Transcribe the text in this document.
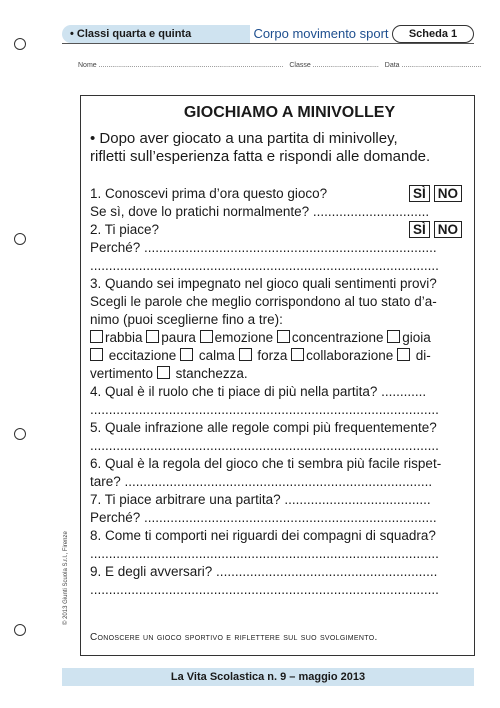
• Classi quarta e quinta	Corpo movimento sport	Scheda 1
Nome ............................................................................................... Classe .................................. Data .........................................
GIOCHIAMO A MINIVOLLEY
• Dopo aver giocato a una partita di minivolley,
rifletti sull’esperienza fatta e rispondi alle domande.
1. Conoscevi prima d’ora questo gioco?	SÌ NO
Se sì, dove lo pratichi normalmente? ...............................
2. Ti piace?	SÌ NO
Perché? ..............................................................................
.............................................................................................
3. Quando sei impegnato nel gioco quali sentimenti provi?
Scegli le parole che meglio corrispondono al tuo stato d’a-
nimo (puoi sceglierne fino a tre):
rabbia paura emozione concentrazione gioia
eccitazione calma forza collaborazione di-
vertimento stanchezza.
4. Qual è il ruolo che ti piace di più nella partita? ............
.............................................................................................
5. Quale infrazione alle regole compi più frequentemente?
.............................................................................................
6. Qual è la regola del gioco che ti sembra più facile rispet-
tare? ..................................................................................
7. Ti piace arbitrare una partita? .......................................
Perché? ..............................................................................
8. Come ti comporti nei riguardi dei compagni di squadra?
.............................................................................................
9. E degli avversari? ...........................................................
.............................................................................................
Conoscere un gioco sportivo e riflettere sul suo svolgimento.
© 2013 Giunti Scuola S.r.l., Firenze
La Vita Scolastica n. 9 – maggio 2013
